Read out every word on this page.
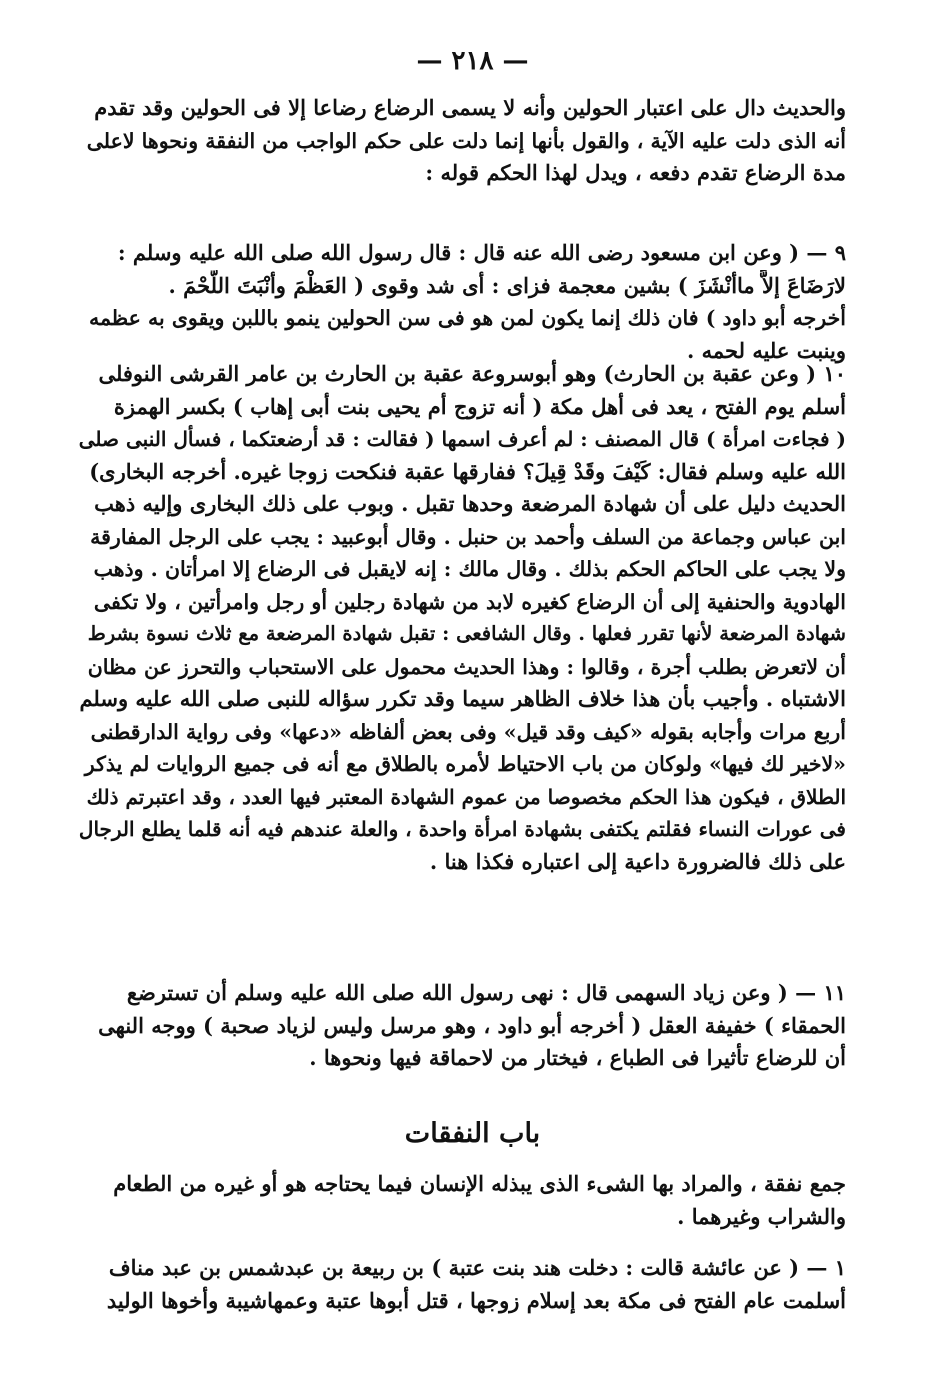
— ٢١٨ —
والحديث دال على اعتبار الحولين وأنه لا يسمى الرضاع رضاعا إلا فى الحولين وقد تقدم
أنه الذى دلت عليه الآية ، والقول بأنها إنما دلت على حكم الواجب من النفقة ونحوها لاعلى
مدة الرضاع تقدم دفعه ، ويدل لهذا الحكم قوله :
٩ — ( وعن ابن مسعود رضى الله عنه قال : قال رسول الله صلى الله عليه وسلم :
لارَضَاعَ إلاَّ ماأنْشَزَ ) بشين معجمة فزاى : أى شد وقوى ( العَظْمَ وأنْبَتَ اللَّحْمَ .
أخرجه أبو داود ) فان ذلك إنما يكون لمن هو فى سن الحولين ينمو باللبن ويقوى به عظمه
وينبت عليه لحمه .
١٠ ( وعن عقبة بن الحارث) وهو أبوسروعة عقبة بن الحارث بن عامر القرشى النوفلى
أسلم يوم الفتح ، يعد فى أهل مكة ( أنه تزوج أم يحيى بنت أبى إهاب ) بكسر الهمزة
( فجاءت امرأة ) قال المصنف : لم أعرف اسمها ( فقالت : قد أرضعتكما ، فسأل النبى صلى
الله عليه وسلم فقال: كَيْفَ وقَدْ قِيلَ؟ ففارقها عقبة فنكحت زوجا غيره. أخرجه البخارى)
الحديث دليل على أن شهادة المرضعة وحدها تقبل . وبوب على ذلك البخارى وإليه ذهب
ابن عباس وجماعة من السلف وأحمد بن حنبل . وقال أبوعبيد : يجب على الرجل المفارقة
ولا يجب على الحاكم الحكم بذلك . وقال مالك : إنه لايقبل فى الرضاع إلا امرأتان . وذهب
الهادوية والحنفية إلى أن الرضاع كغيره لابد من شهادة رجلين أو رجل وامرأتين ، ولا تكفى
شهادة المرضعة لأنها تقرر فعلها . وقال الشافعى : تقبل شهادة المرضعة مع ثلاث نسوة بشرط
أن لاتعرض بطلب أجرة ، وقالوا : وهذا الحديث محمول على الاستحباب والتحرز عن مظان
الاشتباه . وأجيب بأن هذا خلاف الظاهر سيما وقد تكرر سؤاله للنبى صلى الله عليه وسلم
أربع مرات وأجابه بقوله «كيف وقد قيل» وفى بعض ألفاظه «دعها» وفى رواية الدارقطنى
«لاخير لك فيها» ولوكان من باب الاحتياط لأمره بالطلاق مع أنه فى جميع الروايات لم يذكر
الطلاق ، فيكون هذا الحكم مخصوصا من عموم الشهادة المعتبر فيها العدد ، وقد اعتبرتم ذلك
فى عورات النساء فقلتم يكتفى بشهادة امرأة واحدة ، والعلة عندهم فيه أنه قلما يطلع الرجال
على ذلك فالضرورة داعية إلى اعتباره فكذا هنا .
١١ — ( وعن زياد السهمى قال : نهى رسول الله صلى الله عليه وسلم أن تسترضع
الحمقاء ) خفيفة العقل ( أخرجه أبو داود ، وهو مرسل وليس لزياد صحبة ) ووجه النهى
أن للرضاع تأثيرا فى الطباع ، فيختار من لاحماقة فيها ونحوها .
باب النفقات
جمع نفقة ، والمراد بها الشىء الذى يبذله الإنسان فيما يحتاجه هو أو غيره من الطعام
والشراب وغيرهما .
١ — ( عن عائشة قالت : دخلت هند بنت عتبة ) بن ربيعة بن عبدشمس بن عبد مناف
أسلمت عام الفتح فى مكة بعد إسلام زوجها ، قتل أبوها عتبة وعمهاشيبة وأخوها الوليد
